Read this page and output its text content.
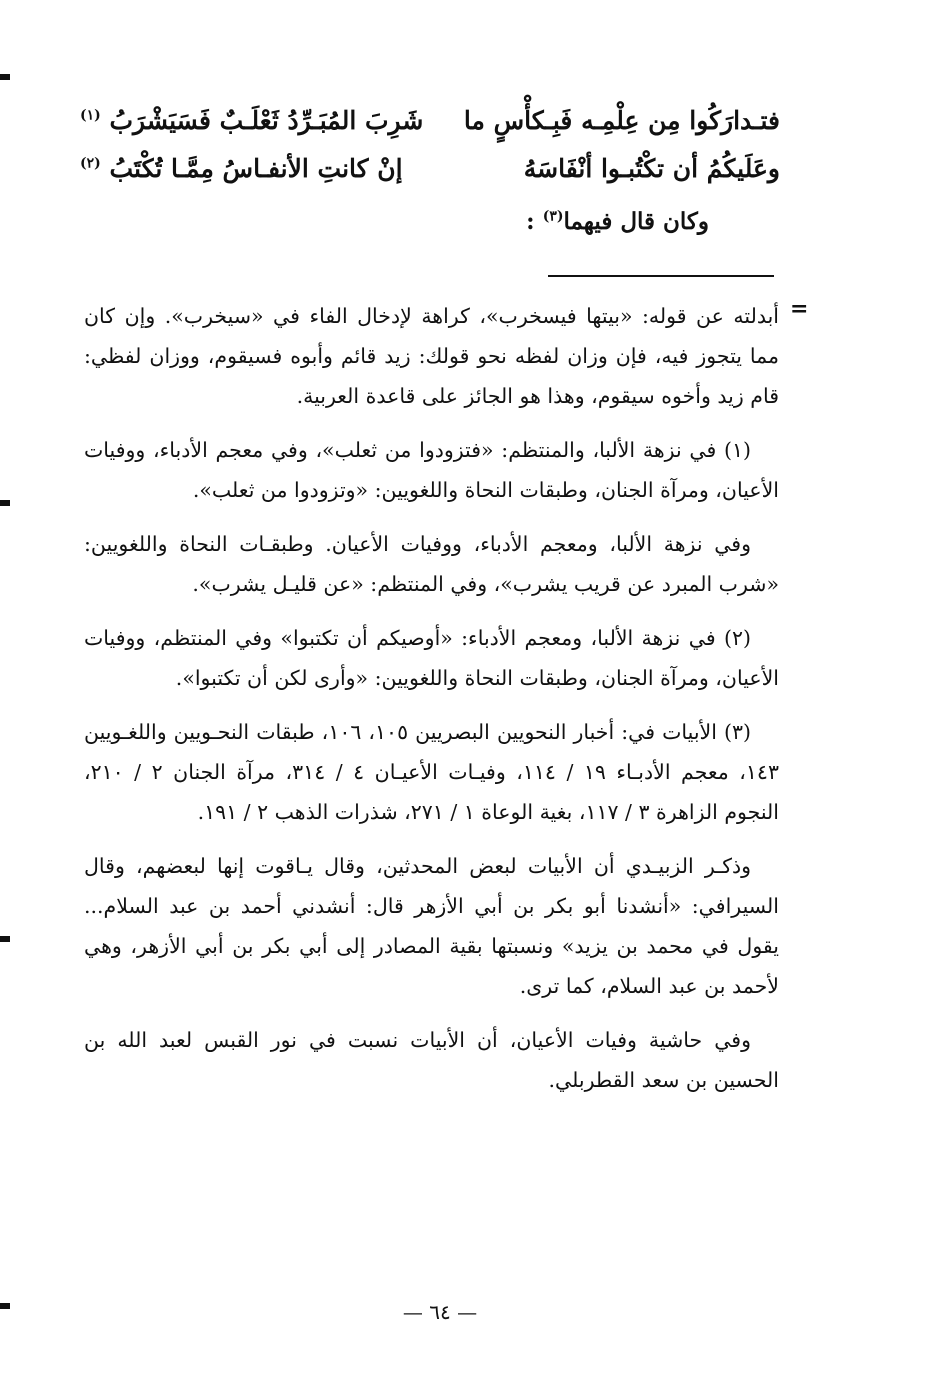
فتـدارَكُوا مِن عِلْمِـه فَبِـكأْسٍ ما
شَرِبَ المُبَـرِّدُ ثَعْلَـبٌ فَسَيَشْرَبُ $^{(١)}$
وعَلَيكُمُ أن تكْتُبـوا أنْفَاسَهُ
إنْ كانتِ الأنفـاسُ مِمَّـا تُكْتَبُ $^{(٢)}$
وكان قال فيهما$^{(٣)}$ :
=

أبدلته عن قوله: «بيتها فيسخرب»، كراهة لإدخال الفاء في «سيخرب». وإن كان مما يتجوز فيه، فإن وزان لفظه نحو قولك: زيد قائم وأبوه فسيقوم، ووزان لفظي: قام زيد وأخوه سيقوم، وهذا هو الجائز على قاعدة العربية.

(١) في نزهة الألبا، والمنتظم: «فتزودوا من ثعلب»، وفي معجم الأدباء، ووفيات الأعيان، ومرآة الجنان، وطبقات النحاة واللغويين: «وتزودوا من ثعلب».

وفي نزهة الألبا، ومعجم الأدباء، ووفيات الأعيان. وطبقـات النحاة واللغويين: «شرب المبرد عن قريب يشرب»، وفي المنتظم: «عن قليـل يشرب».

(٢) في نزهة الألبا، ومعجم الأدباء: «أوصيكم أن تكتبوا» وفي المنتظم، ووفيات الأعيان، ومرآة الجنان، وطبقات النحاة واللغويين: «وأرى لكن أن تكتبوا».

(٣) الأبيات في: أخبار النحويين البصريين ١٠٥، ١٠٦، طبقات النحـويين واللغـويين ١٤٣، معجم الأدبـاء ١٩ / ١١٤، وفيـات الأعيـان ٤ / ٣١٤، مرآة الجنان ٢ / ٢١٠، النجوم الزاهرة ٣ / ١١٧، بغية الوعاة ١ / ٢٧١، شذرات الذهب ٢ / ١٩١.

وذكـر الزبيـدي أن الأبيات لبعض المحدثين، وقال يـاقوت إنها لبعضهم، وقال السيرافي: «أنشدنا أبو بكر بن أبي الأزهر قال: أنشدني أحمد بن عبد السلام... يقول في محمد بن يزيد» ونسبتها بقية المصادر إلى أبي بكر بن أبي الأزهر، وهي لأحمد بن عبد السلام، كما ترى.

وفي حاشية وفيات الأعيان، أن الأبيات نسبت في نور القبس لعبد الله بن الحسين بن سعد القطربلي.

— ٦٤ —
